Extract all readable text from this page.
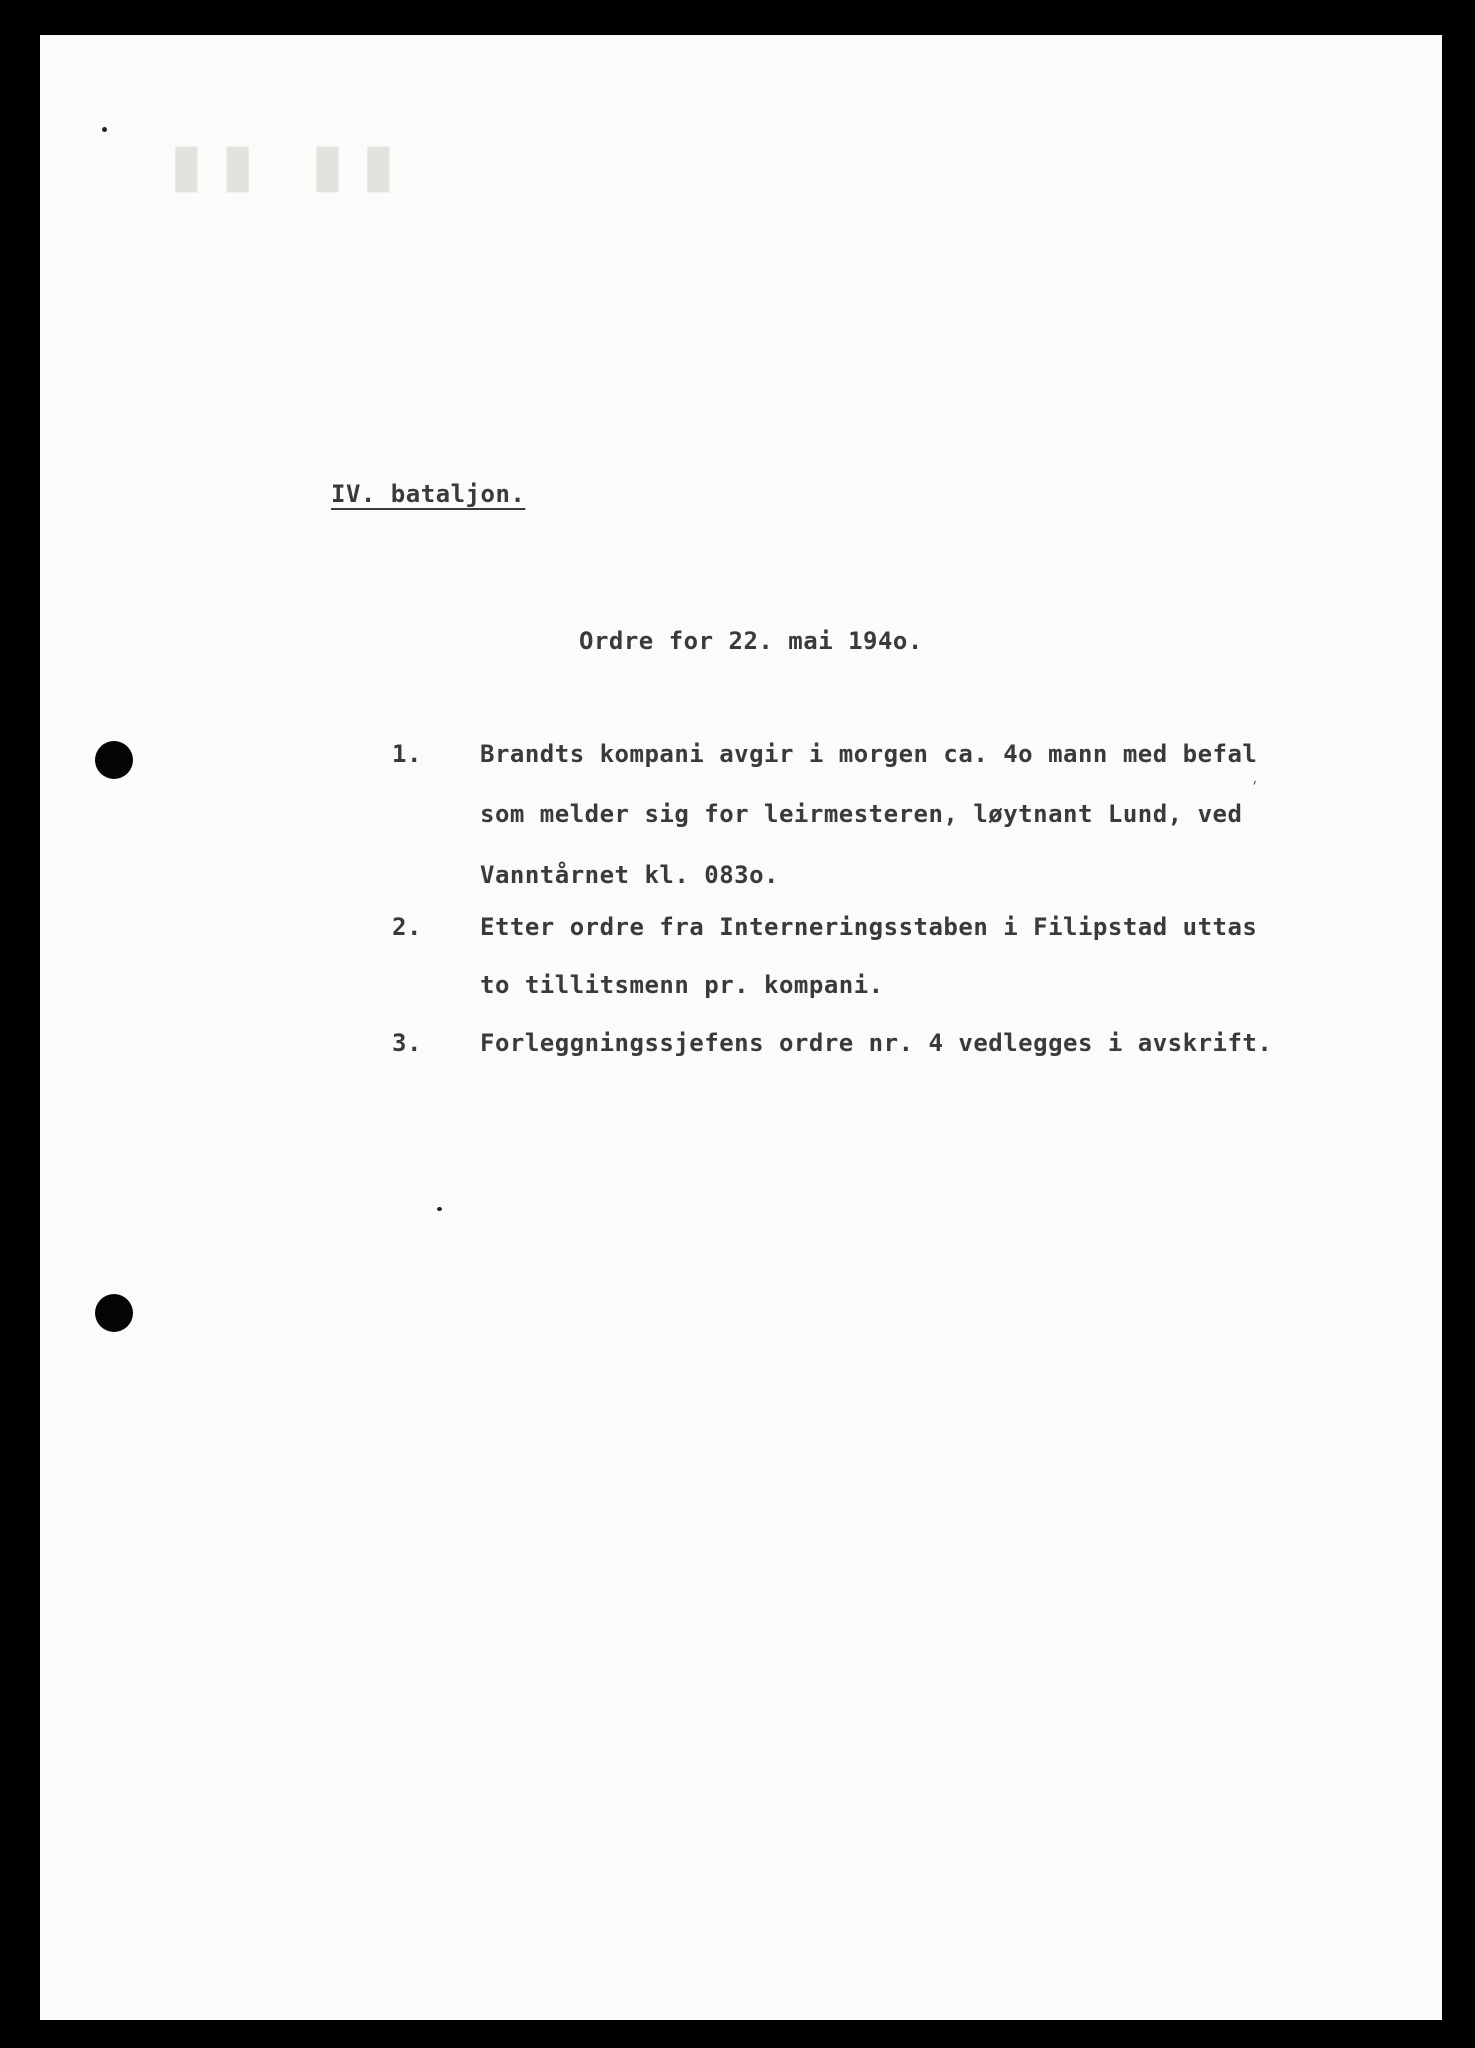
▮▮ ▮▮
IV. bataljon.
Ordre for 22. mai 194o.
1. Brandts kompani avgir i morgen ca. 4o mann med befal
som melder sig for leirmesteren, løytnant Lund, ved
Vanntårnet kl. 083o.
ˊ
2. Etter ordre fra Interneringsstaben i Filipstad uttas
to tillitsmenn pr. kompani.
3. Forleggningssjefens ordre nr. 4 vedlegges i avskrift.
